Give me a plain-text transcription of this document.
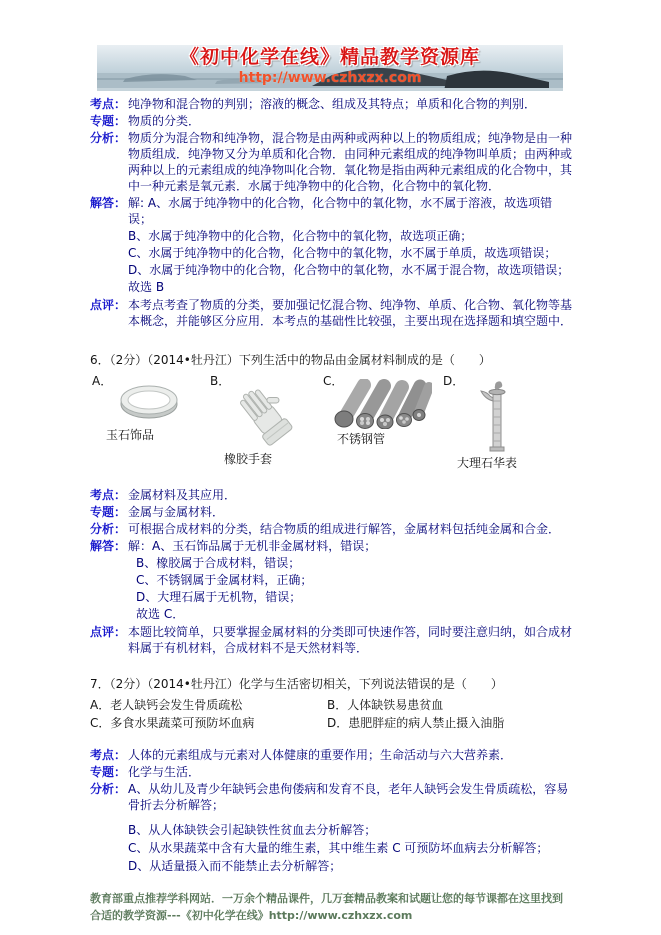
《初中化学在线》精品教学资源库
http://www.czhxzx.com
考点： 纯净物和混合物的判别；溶液的概念、组成及其特点；单质和化合物的判别．
专题： 物质的分类．
分析： 物质分为混合物和纯净物，混合物是由两种或两种以上的物质组成；纯净物是由一种物质组成．纯净物又分为单质和化合物．由同种元素组成的纯净物叫单质；由两种或两种以上的元素组成的纯净物叫化合物．氧化物是指由两种元素组成的化合物中，其中一种元素是氧元素．水属于纯净物中的化合物，化合物中的氧化物．
解答： 解: A、水属于纯净物中的化合物，化合物中的氧化物，水不属于溶液，故选项错误；
B、水属于纯净物中的化合物，化合物中的氧化物，故选项正确；
C、水属于纯净物中的化合物，化合物中的氧化物，水不属于单质，故选项错误；
D、水属于纯净物中的化合物，化合物中的氧化物，水不属于混合物，故选项错误；
故选 B
点评： 本考点考查了物质的分类，要加强记忆混合物、纯净物、单质、化合物、氧化物等基本概念，并能够区分应用．本考点的基础性比较强，主要出现在选择题和填空题中．
6．（2分）（2014•牡丹江）下列生活中的物品由金属材料制成的是（　　）
A．
玉石饰品
B．
橡胶手套
C．
不锈钢管
D．
大理石华表
考点： 金属材料及其应用．
专题： 金属与金属材料．
分析： 可根据合成材料的分类，结合物质的组成进行解答，金属材料包括纯金属和合金．
解答： 解：A、玉石饰品属于无机非金属材料，错误；
B、橡胶属于合成材料，错误；
C、不锈钢属于金属材料，正确；
D、大理石属于无机物，错误；
故选 C．
点评： 本题比较简单，只要掌握金属材料的分类即可快速作答，同时要注意归纳，如合成材料属于有机材料，合成材料不是天然材料等．
7．（2分）（2014•牡丹江）化学与生活密切相关，下列说法错误的是（　　）
A．老人缺钙会发生骨质疏松	B．人体缺铁易患贫血
C．多食水果蔬菜可预防坏血病	D．患肥胖症的病人禁止摄入油脂
考点： 人体的元素组成与元素对人体健康的重要作用；生命活动与六大营养素．
专题： 化学与生活．
分析： A、从幼儿及青少年缺钙会患佝偻病和发育不良，老年人缺钙会发生骨质疏松，容易骨折去分析解答；
B、从人体缺铁会引起缺铁性贫血去分析解答；
C、从水果蔬菜中含有大量的维生素，其中维生素 C 可预防坏血病去分析解答；
D、从适量摄入而不能禁止去分析解答；
教育部重点推荐学科网站．一万余个精品课件，几万套精品教案和试题让您的每节课都在这里找到合适的教学资源---《初中化学在线》http://www.czhxzx.com
